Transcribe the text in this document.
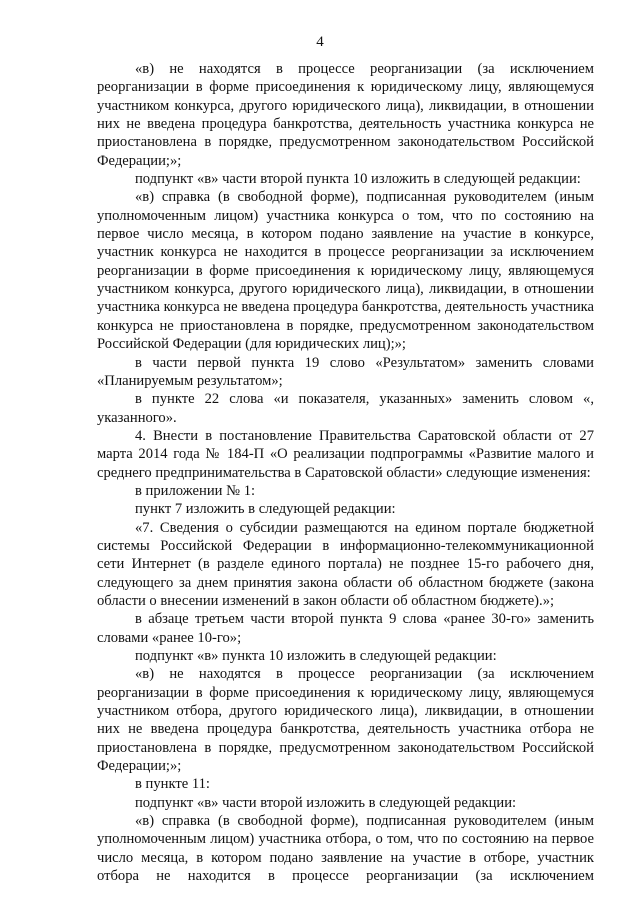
4

«в) не находятся в процессе реорганизации (за исключением реорганизации в форме присоединения к юридическому лицу, являющемуся участником конкурса, другого юридического лица), ликвидации, в отношении них не введена процедура банкротства, деятельность участника конкурса не приостановлена в порядке, предусмотренном законодательством Российской Федерации;»;

подпункт «в» части второй пункта 10 изложить в следующей редакции:

«в) справка (в свободной форме), подписанная руководителем (иным уполномоченным лицом) участника конкурса о том, что по состоянию на первое число месяца, в котором подано заявление на участие в конкурсе, участник конкурса не находится в процессе реорганизации за исключением реорганизации в форме присоединения к юридическому лицу, являющемуся участником конкурса, другого юридического лица), ликвидации, в отношении участника конкурса не введена процедура банкротства, деятельность участника конкурса не приостановлена в порядке, предусмотренном законодательством Российской Федерации (для юридических лиц);»;

в части первой пункта 19 слово «Результатом» заменить словами «Планируемым результатом»;

в пункте 22 слова «и показателя, указанных» заменить словом «, указанного».

4. Внести в постановление Правительства Саратовской области от 27 марта 2014 года № 184-П «О реализации подпрограммы «Развитие малого и среднего предпринимательства в Саратовской области» следующие изменения:

в приложении № 1:

пункт 7 изложить в следующей редакции:

«7. Сведения о субсидии размещаются на едином портале бюджетной системы Российской Федерации в информационно-телекоммуникационной сети Интернет (в разделе единого портала) не позднее 15-го рабочего дня, следующего за днем принятия закона области об областном бюджете (закона области о внесении изменений в закон области об областном бюджете).»;

в абзаце третьем части второй пункта 9 слова «ранее 30-го» заменить словами «ранее 10-го»;

подпункт «в» пункта 10 изложить в следующей редакции:

«в) не находятся в процессе реорганизации (за исключением реорганизации в форме присоединения к юридическому лицу, являющемуся участником отбора, другого юридического лица), ликвидации, в отношении них не введена процедура банкротства, деятельность участника отбора не приостановлена в порядке, предусмотренном законодательством Российской Федерации;»;

в пункте 11:

подпункт «в» части второй изложить в следующей редакции:

«в) справка (в свободной форме), подписанная руководителем (иным уполномоченным лицом) участника отбора, о том, что по состоянию на первое число месяца, в котором подано заявление на участие в отборе, участник отбора не находится в процессе реорганизации (за исключением
